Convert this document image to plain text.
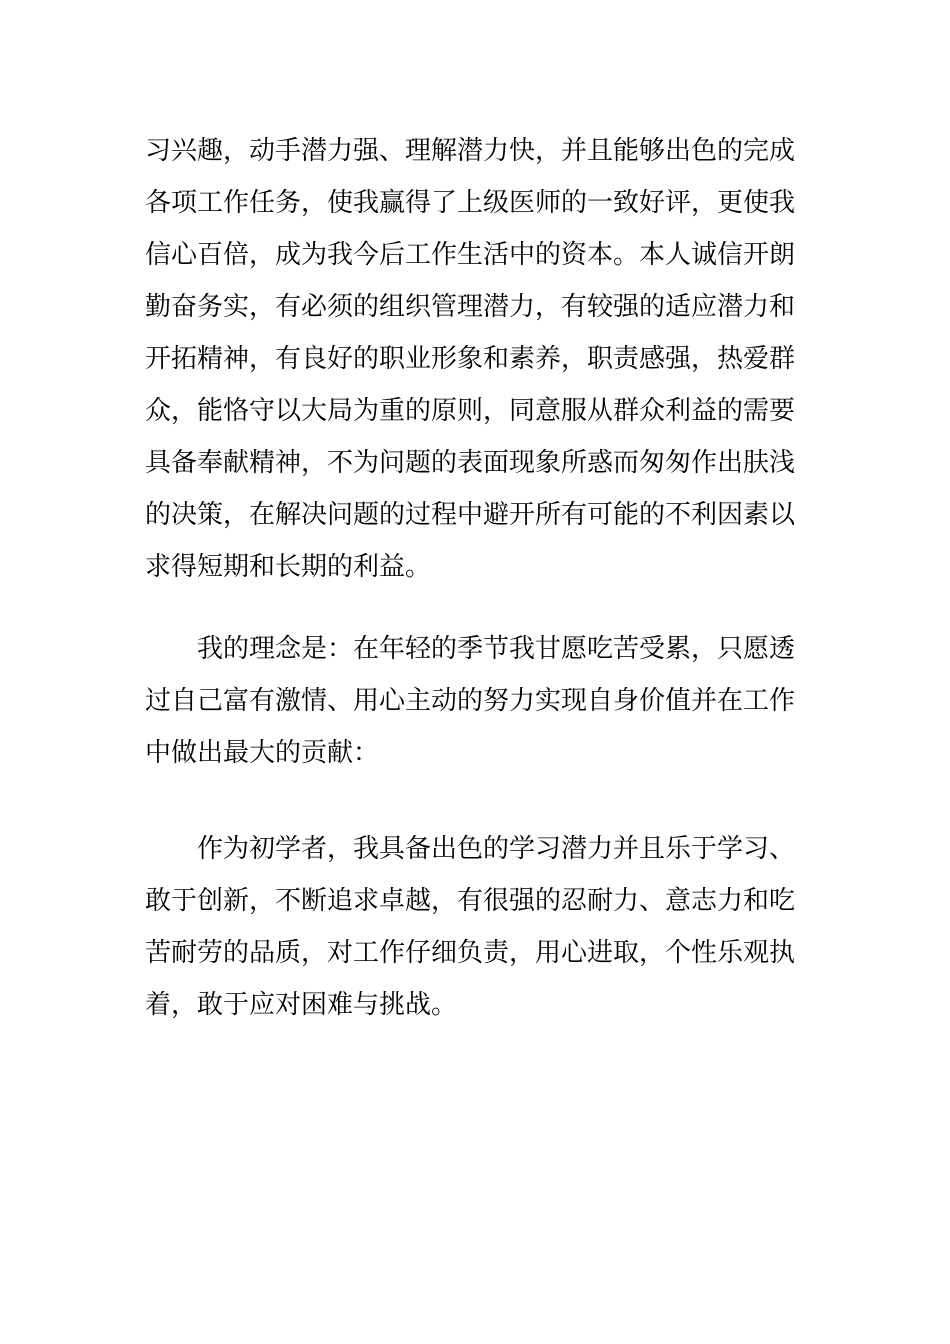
习兴趣，动手潜力强、理解潜力快，并且能够出色的完成
各项工作任务，使我赢得了上级医师的一致好评，更使我
信心百倍，成为我今后工作生活中的资本。本人诚信开朗
勤奋务实，有必须的组织管理潜力，有较强的适应潜力和
开拓精神，有良好的职业形象和素养，职责感强，热爱群
众，能恪守以大局为重的原则，同意服从群众利益的需要
具备奉献精神，不为问题的表面现象所惑而匆匆作出肤浅
的决策，在解决问题的过程中避开所有可能的不利因素以
求得短期和长期的利益。
我的理念是：在年轻的季节我甘愿吃苦受累，只愿透
过自己富有激情、用心主动的努力实现自身价值并在工作
中做出最大的贡献：
作为初学者，我具备出色的学习潜力并且乐于学习、
敢于创新，不断追求卓越，有很强的忍耐力、意志力和吃
苦耐劳的品质，对工作仔细负责，用心进取，个性乐观执
着，敢于应对困难与挑战。
